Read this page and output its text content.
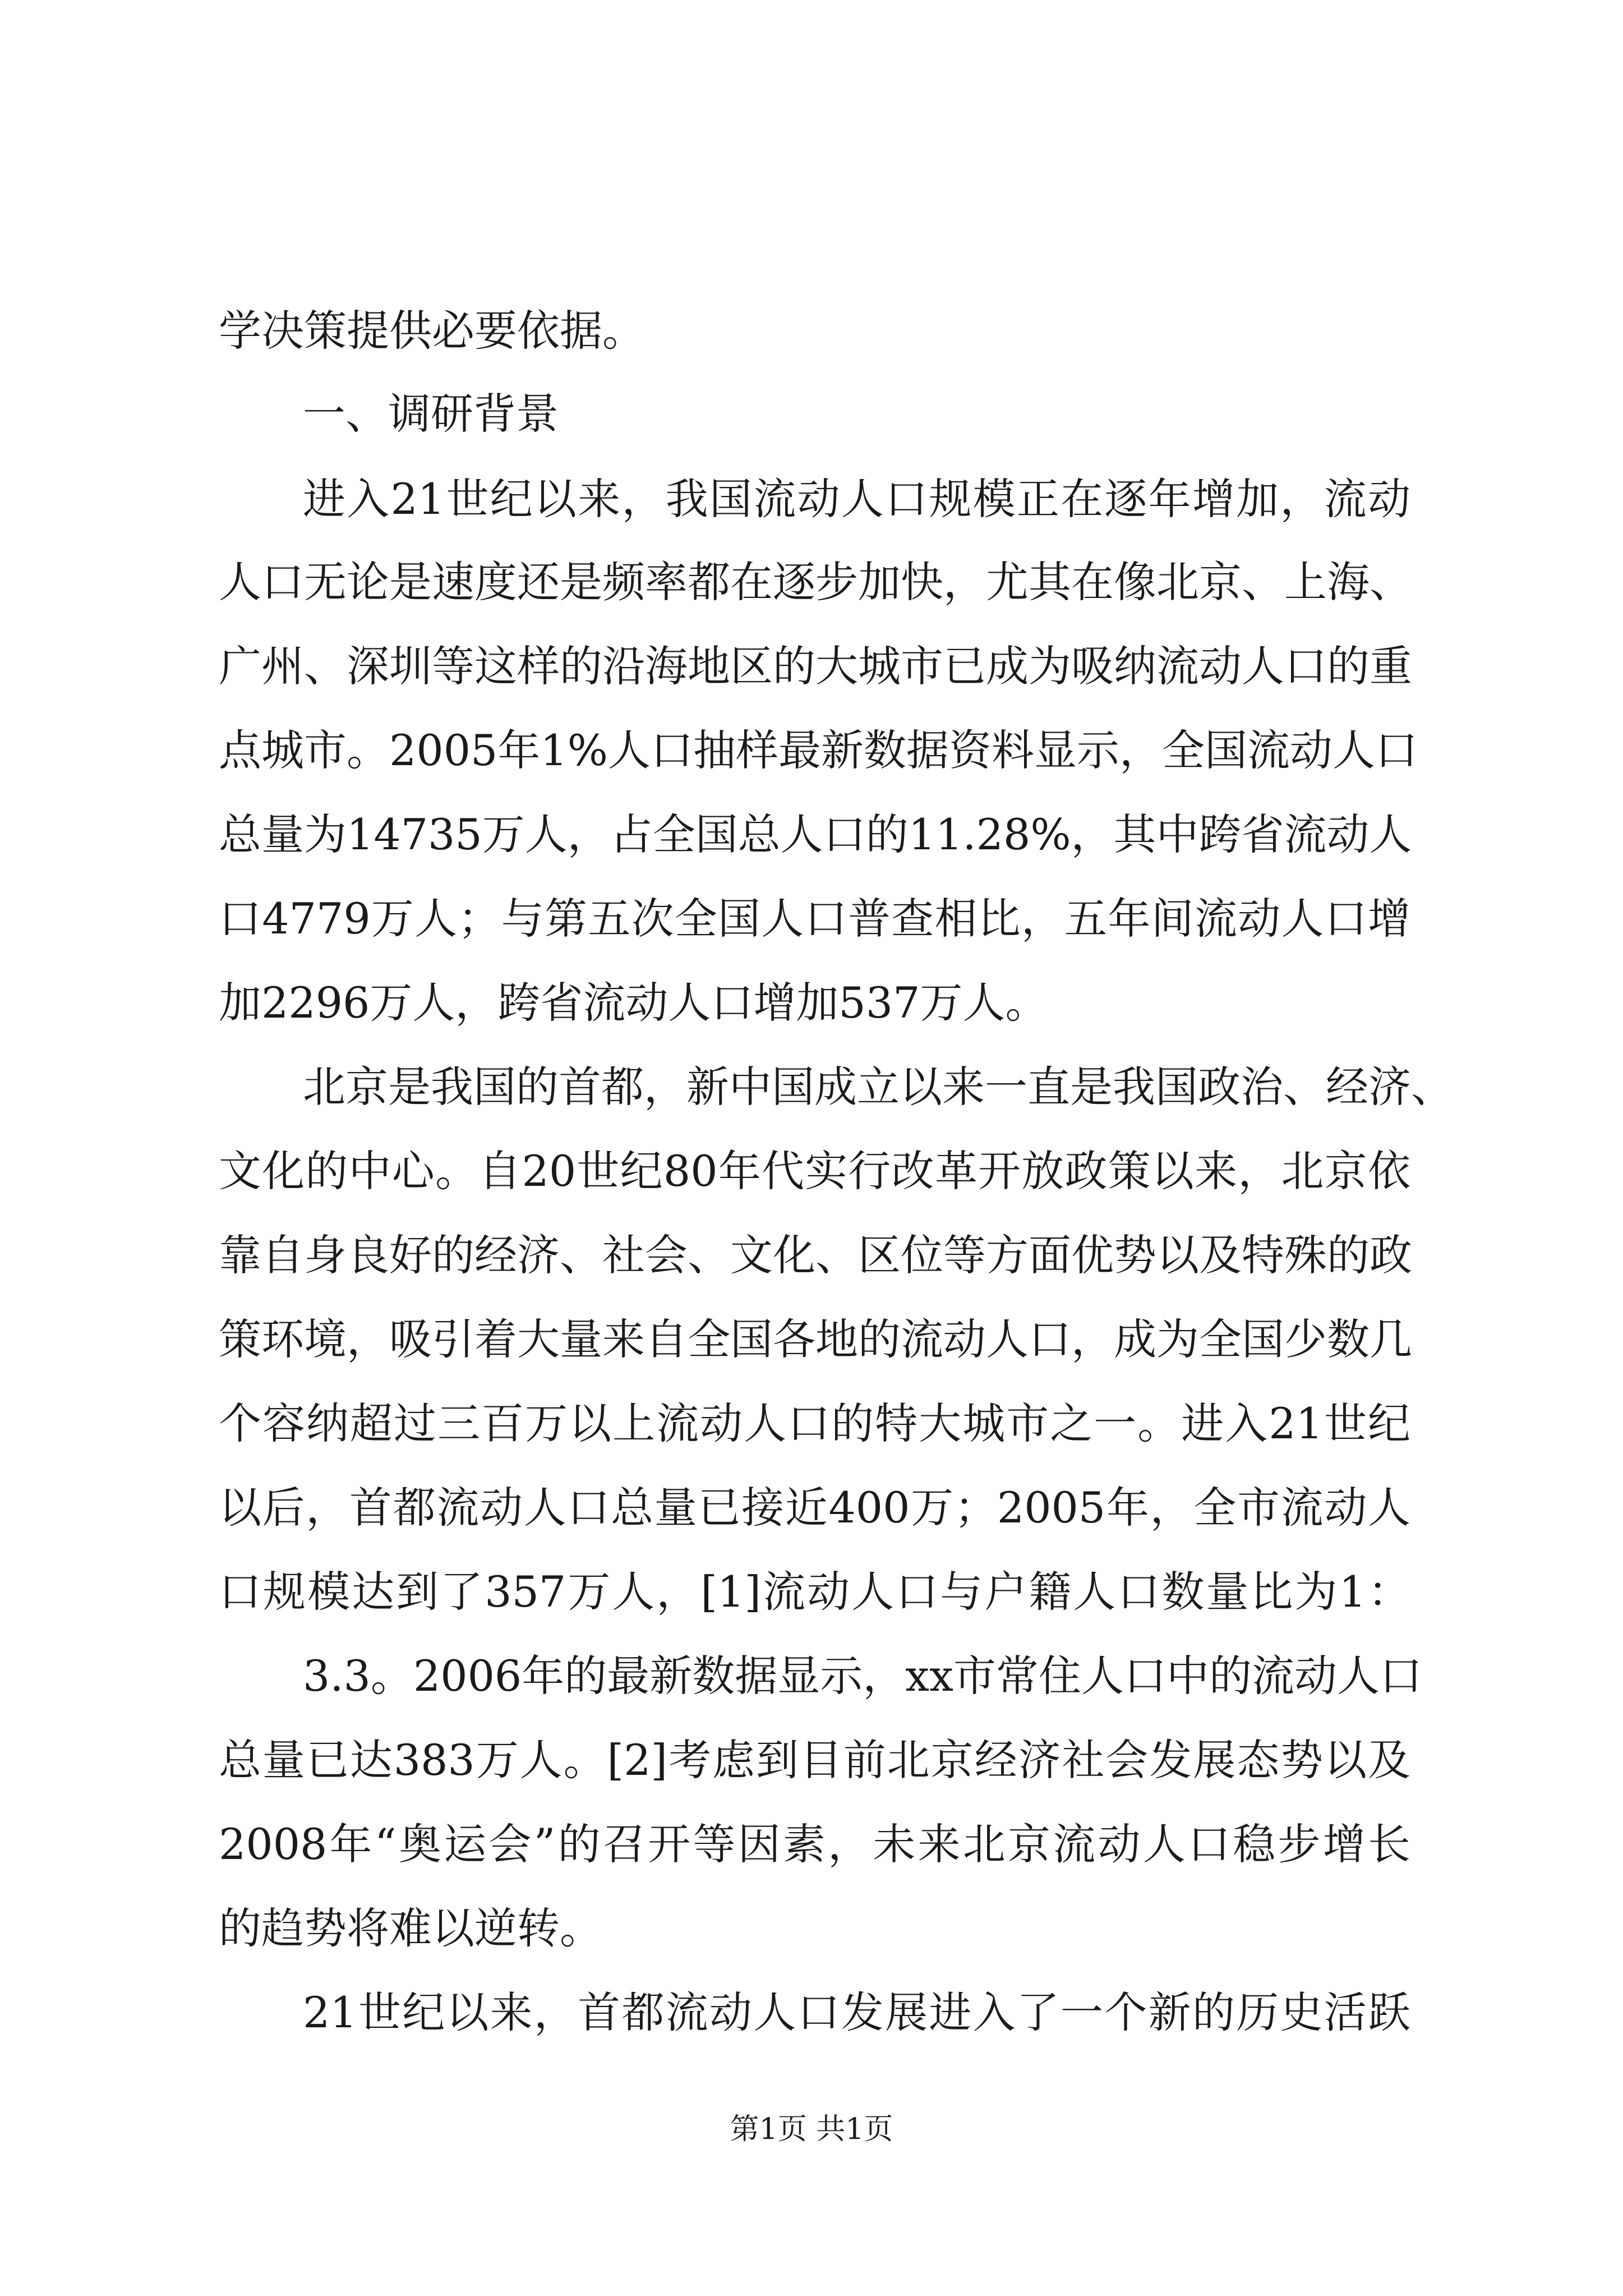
学决策提供必要依据。
一、调研背景
进入21世纪以来，我国流动人口规模正在逐年增加，流动
人口无论是速度还是频率都在逐步加快，尤其在像北京、上海、
广州、深圳等这样的沿海地区的大城市已成为吸纳流动人口的重
点城市。2005年1%人口抽样最新数据资料显示，全国流动人口
总量为14735万人，占全国总人口的11.28%，其中跨省流动人
口4779万人；与第五次全国人口普查相比，五年间流动人口增
加2296万人，跨省流动人口增加537万人。
北京是我国的首都，新中国成立以来一直是我国政治、经济、
文化的中心。自20世纪80年代实行改革开放政策以来，北京依
靠自身良好的经济、社会、文化、区位等方面优势以及特殊的政
策环境，吸引着大量来自全国各地的流动人口，成为全国少数几
个容纳超过三百万以上流动人口的特大城市之一。进入21世纪
以后，首都流动人口总量已接近400万；2005年，全市流动人
口规模达到了357万人，[1]流动人口与户籍人口数量比为1：
3.3。2006年的最新数据显示，xx市常住人口中的流动人口
总量已达383万人。[2]考虑到目前北京经济社会发展态势以及
2008年“奥运会”的召开等因素，未来北京流动人口稳步增长
的趋势将难以逆转。
21世纪以来，首都流动人口发展进入了一个新的历史活跃
第1页 共1页
